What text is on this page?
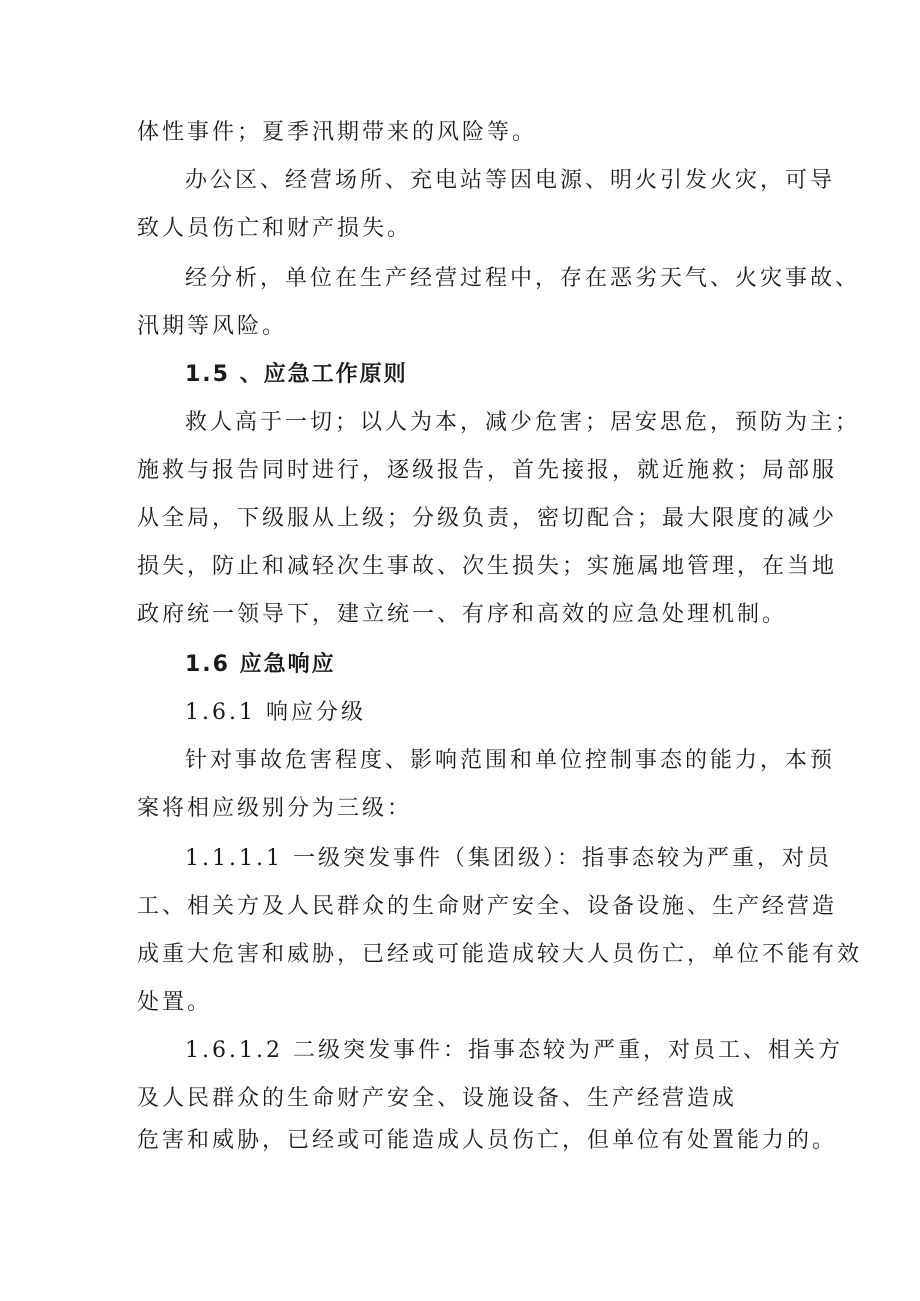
体性事件；夏季汛期带来的风险等。
办公区、经营场所、充电站等因电源、明火引发火灾，可导
致人员伤亡和财产损失。
经分析，单位在生产经营过程中，存在恶劣天气、火灾事故、
汛期等风险。
1.5 、应急工作原则
救人高于一切；以人为本，减少危害；居安思危，预防为主；
施救与报告同时进行，逐级报告，首先接报，就近施救；局部服
从全局，下级服从上级；分级负责，密切配合；最大限度的减少
损失，防止和减轻次生事故、次生损失；实施属地管理，在当地
政府统一领导下，建立统一、有序和高效的应急处理机制。
1.6 应急响应
1.6.1 响应分级
针对事故危害程度、影响范围和单位控制事态的能力，本预
案将相应级别分为三级：
1.1.1.1 一级突发事件（集团级）：指事态较为严重，对员
工、相关方及人民群众的生命财产安全、设备设施、生产经营造
成重大危害和威胁，已经或可能造成较大人员伤亡，单位不能有效
处置。
1.6.1.2 二级突发事件：指事态较为严重，对员工、相关方
及人民群众的生命财产安全、设施设备、生产经营造成
危害和威胁，已经或可能造成人员伤亡，但单位有处置能力的。
